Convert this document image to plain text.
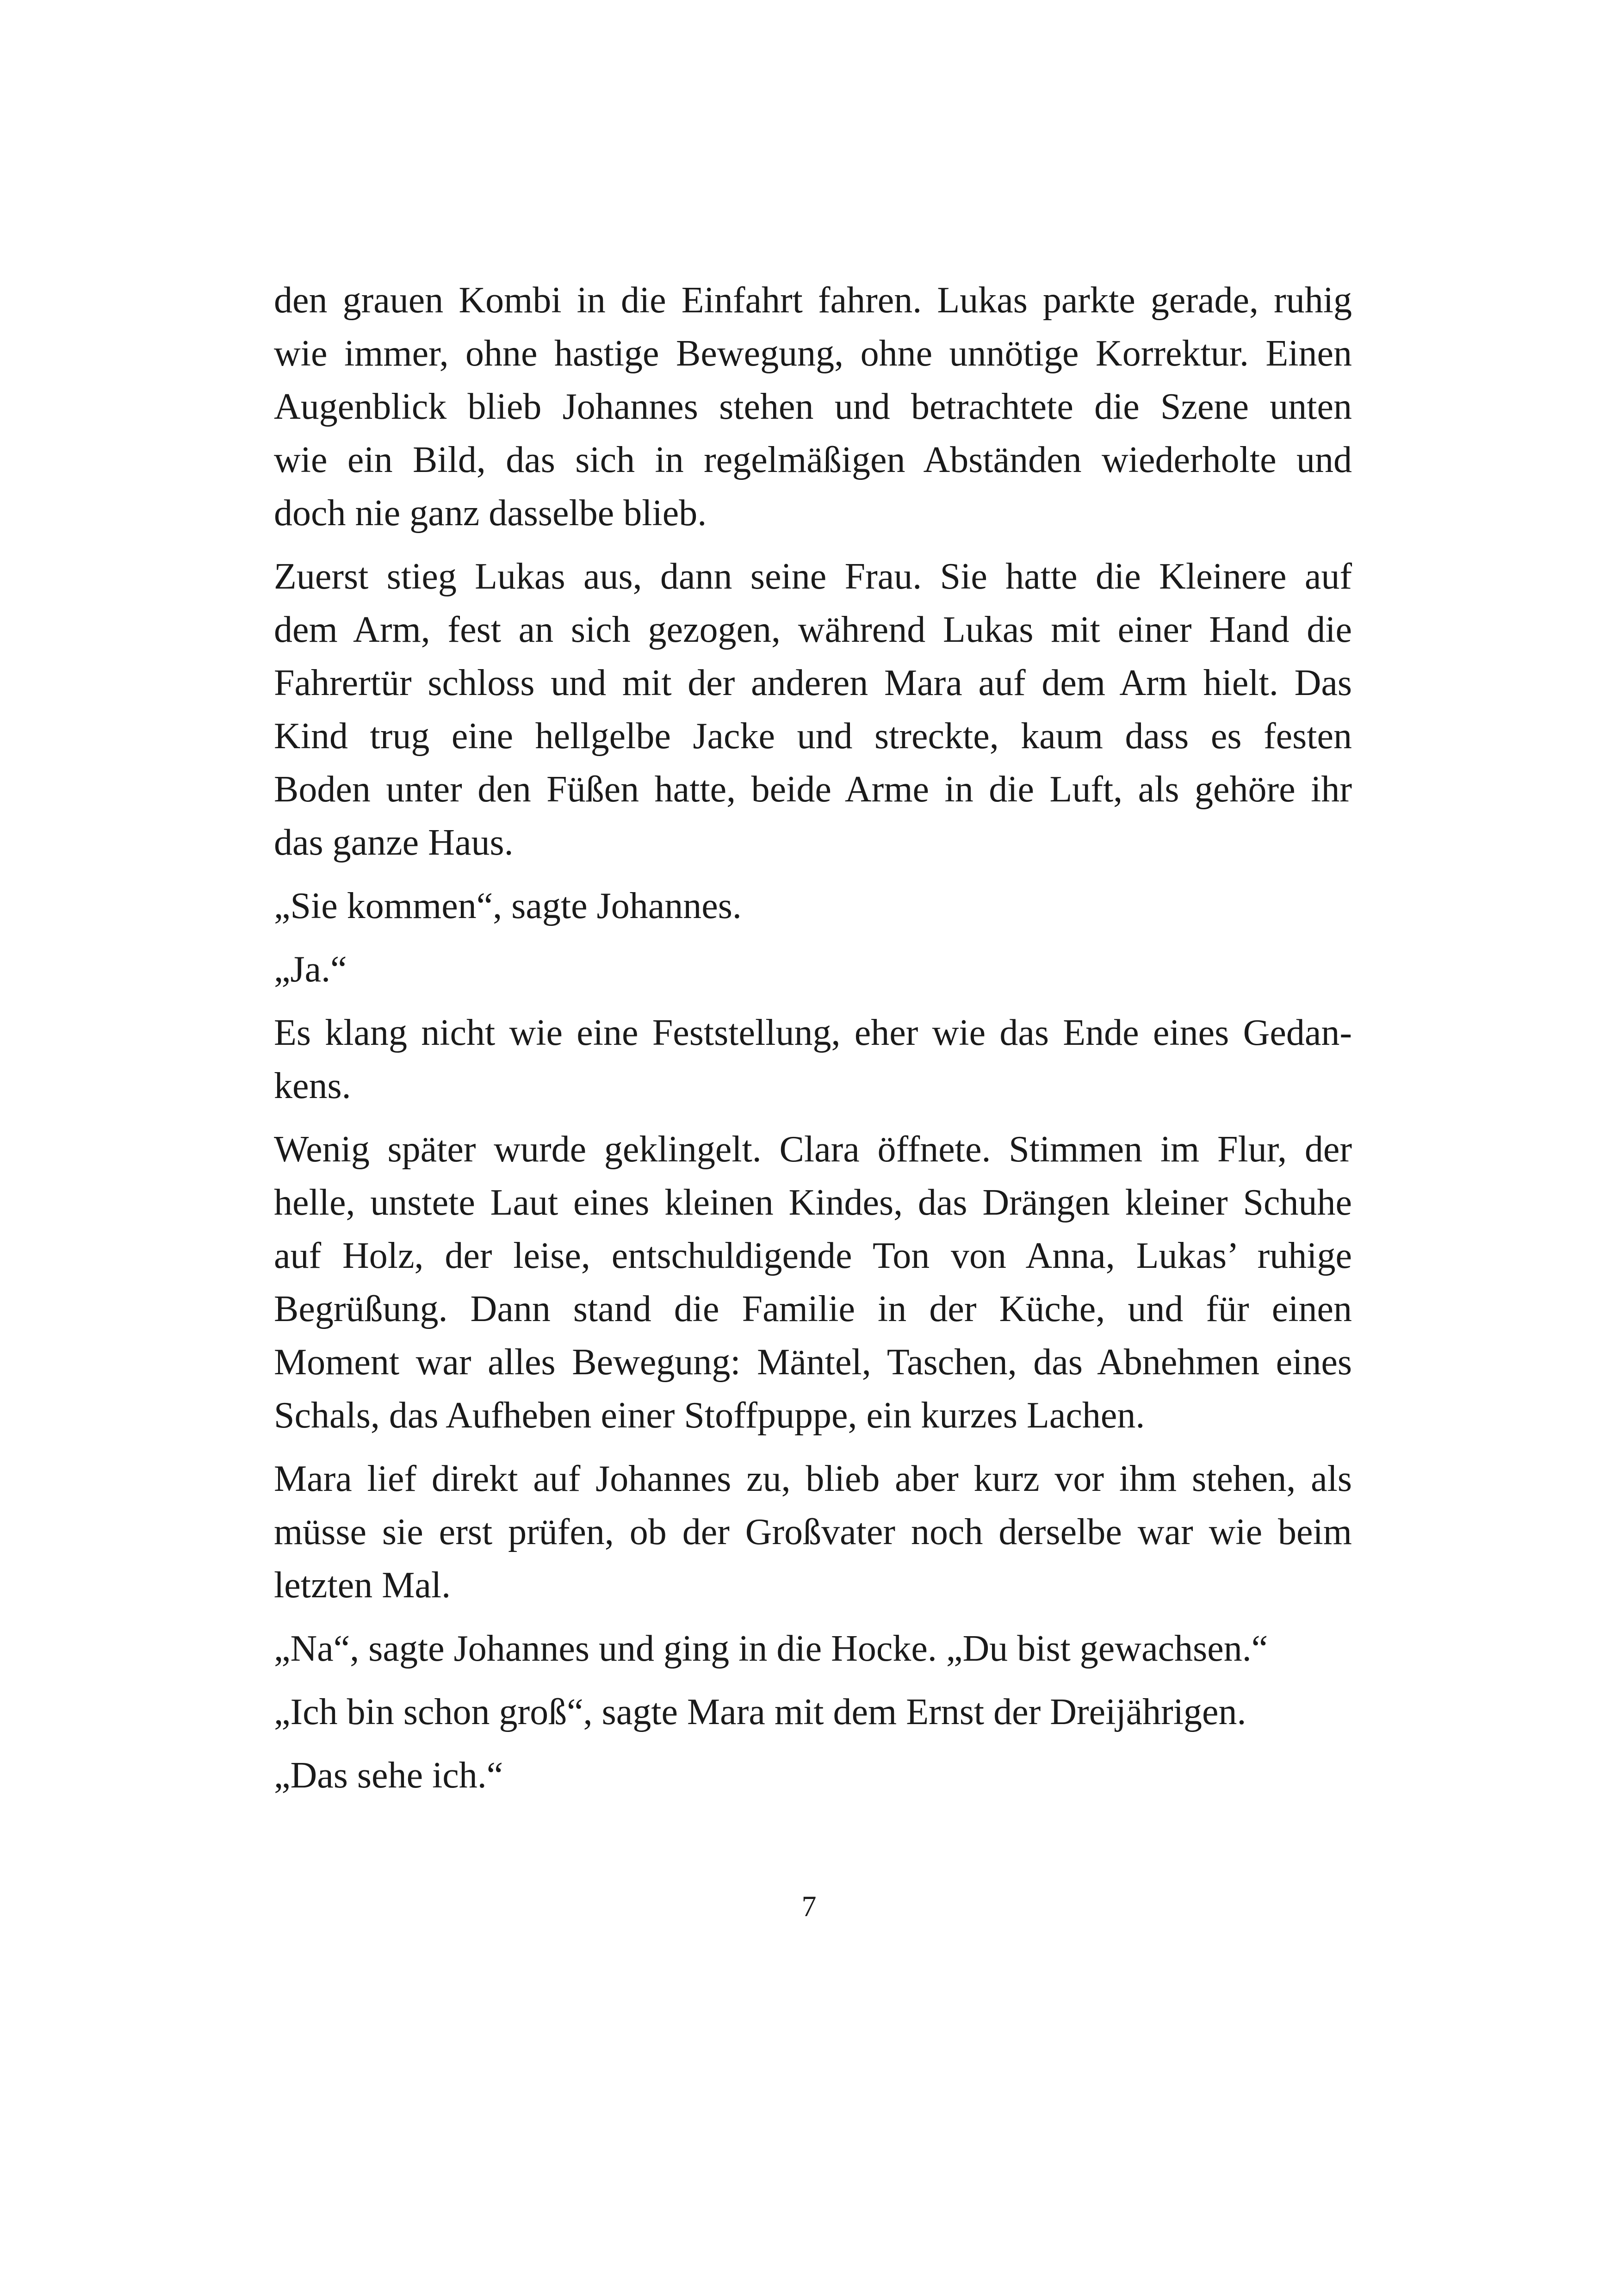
den grauen Kombi in die Einfahrt fahren. Lukas parkte gerade, ruhig
wie immer, ohne hastige Bewegung, ohne unnötige Korrektur. Einen
Augenblick blieb Johannes stehen und betrachtete die Szene unten
wie ein Bild, das sich in regelmäßigen Abständen wiederholte und
doch nie ganz dasselbe blieb.

Zuerst stieg Lukas aus, dann seine Frau. Sie hatte die Kleinere auf
dem Arm, fest an sich gezogen, während Lukas mit einer Hand die
Fahrertür schloss und mit der anderen Mara auf dem Arm hielt. Das
Kind trug eine hellgelbe Jacke und streckte, kaum dass es festen
Boden unter den Füßen hatte, beide Arme in die Luft, als gehöre ihr
das ganze Haus.

„Sie kommen“, sagte Johannes.

„Ja.“

Es klang nicht wie eine Feststellung, eher wie das Ende eines Gedan-
kens.

Wenig später wurde geklingelt. Clara öffnete. Stimmen im Flur, der
helle, unstete Laut eines kleinen Kindes, das Drängen kleiner Schuhe
auf Holz, der leise, entschuldigende Ton von Anna, Lukas’ ruhige
Begrüßung. Dann stand die Familie in der Küche, und für einen
Moment war alles Bewegung: Mäntel, Taschen, das Abnehmen eines
Schals, das Aufheben einer Stoffpuppe, ein kurzes Lachen.

Mara lief direkt auf Johannes zu, blieb aber kurz vor ihm stehen, als
müsse sie erst prüfen, ob der Großvater noch derselbe war wie beim
letzten Mal.

„Na“, sagte Johannes und ging in die Hocke. „Du bist gewachsen.“

„Ich bin schon groß“, sagte Mara mit dem Ernst der Dreijährigen.

„Das sehe ich.“

7
